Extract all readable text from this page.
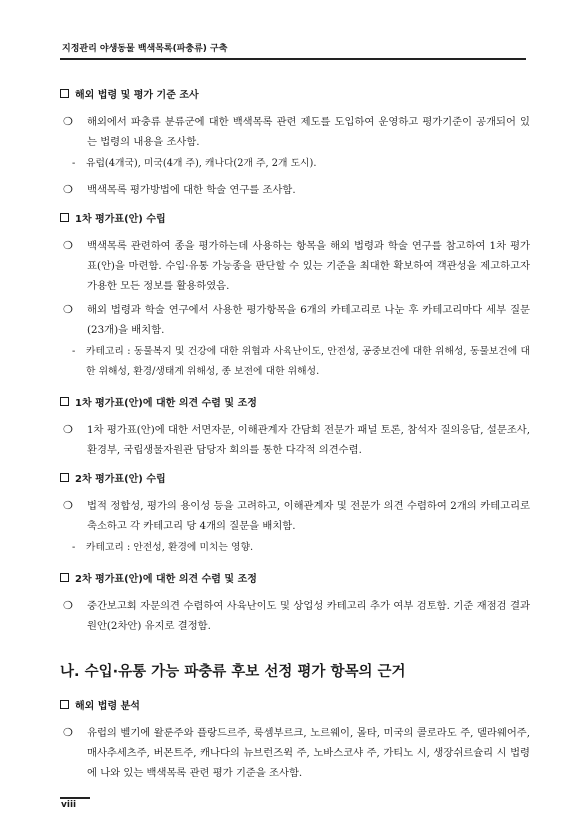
지정관리 야생동물 백색목록(파충류) 구축
해외 법령 및 평가 기준 조사
❍	해외에서 파충류 분류군에 대한 백색목록 관련 제도를 도입하여 운영하고 평가기준이 공개되어 있는 법령의 내용을 조사함.
-	유럽(4개국), 미국(4개 주), 캐나다(2개 주, 2개 도시).
❍	백색목록 평가방법에 대한 학술 연구를 조사함.
1차 평가표(안) 수립
❍	백색목록 관련하여 종을 평가하는데 사용하는 항목을 해외 법령과 학술 연구를 참고하여 1차 평가표(안)을 마련함. 수입·유통 가능종을 판단할 수 있는 기준을 최대한 확보하여 객관성을 제고하고자 가용한 모든 정보를 활용하였음.
❍	해외 법령과 학술 연구에서 사용한 평가항목을 6개의 카테고리로 나눈 후 카테고리마다 세부 질문(23개)을 배치함.
-	카테고리 : 동물복지 및 건강에 대한 위협과 사육난이도, 안전성, 공중보건에 대한 위해성, 동물보건에 대한 위해성, 환경/생태계 위해성, 종 보전에 대한 위해성.
1차 평가표(안)에 대한 의견 수렴 및 조정
❍	1차 평가표(안)에 대한 서면자문, 이해관계자 간담회 전문가 패널 토론, 참석자 질의응답, 설문조사, 환경부, 국립생물자원관 담당자 회의를 통한 다각적 의견수렴.
2차 평가표(안) 수립
❍	법적 정합성, 평가의 용이성 등을 고려하고, 이해관계자 및 전문가 의견 수렴하여 2개의 카테고리로 축소하고 각 카테고리 당 4개의 질문을 배치함.
-	카테고리 : 안전성, 환경에 미치는 영향.
2차 평가표(안)에 대한 의견 수렴 및 조정
❍	중간보고회 자문의견 수렴하여 사육난이도 및 상업성 카테고리 추가 여부 검토함. 기준 재점검 결과 원안(2차안) 유지로 결정함.
나. 수입·유통 가능 파충류 후보 선정 평가 항목의 근거
해외 법령 분석
❍	유럽의 벨기에 왈룬주와 플랑드르주, 룩셈부르크, 노르웨이, 몰타, 미국의 콜로라도 주, 델라웨어주, 매사추세츠주, 버몬트주, 캐나다의 뉴브런즈윅 주, 노바스코샤 주, 가티노 시, 생장쉬르슐리 시 법령에 나와 있는 백색목록 관련 평가 기준을 조사함.
viii
